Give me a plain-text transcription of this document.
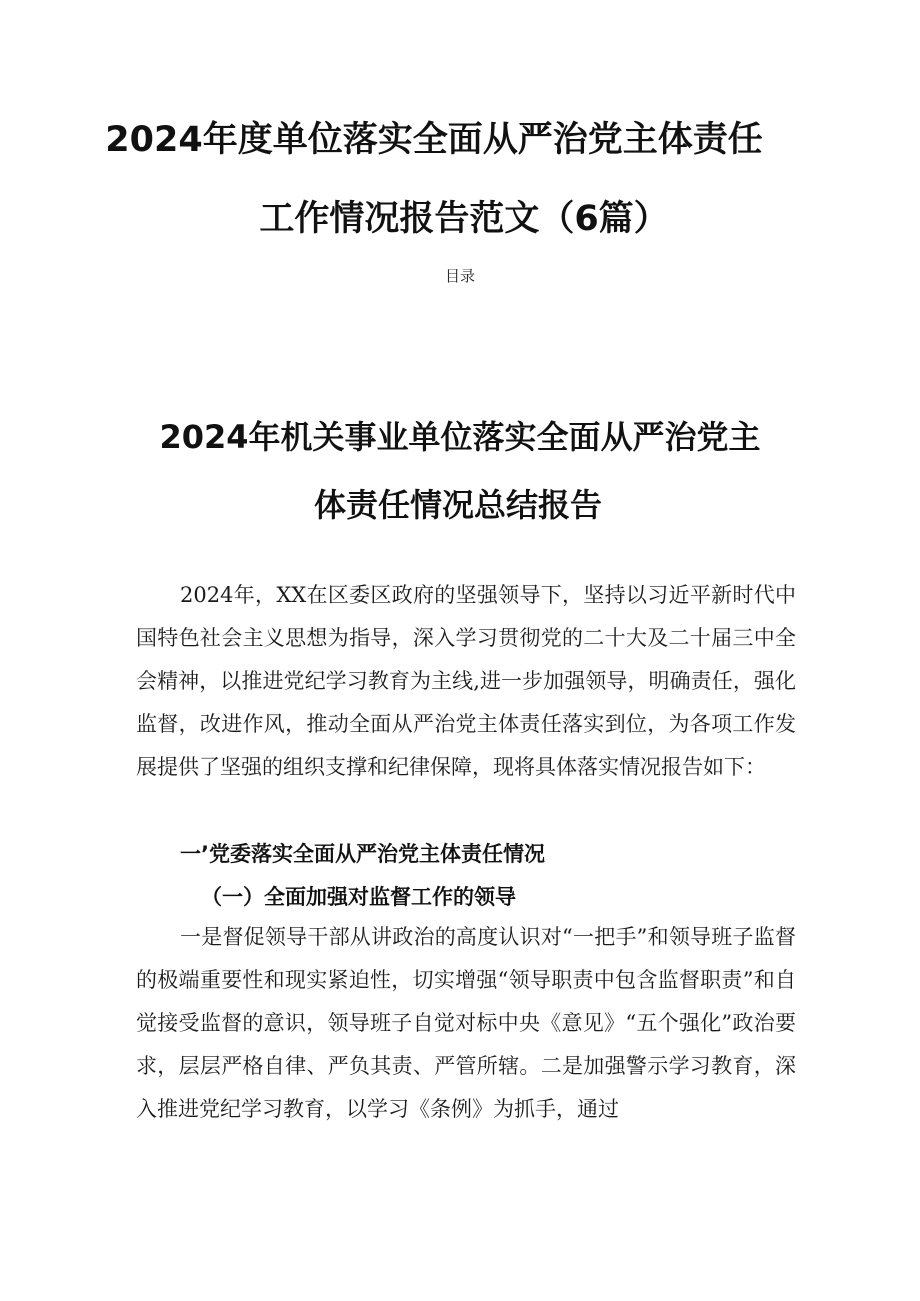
2024年度单位落实全面从严治党主体责任
工作情况报告范文（6篇）
目录
2024年机关事业单位落实全面从严治党主
体责任情况总结报告

2024年，XX在区委区政府的坚强领导下，坚持以习近平新时代中国特色社会主义思想为指导，深入学习贯彻党的二十大及二十届三中全会精神，以推进党纪学习教育为主线,进一步加强领导，明确责任，强化监督，改进作风，推动全面从严治党主体责任落实到位，为各项工作发展提供了坚强的组织支撑和纪律保障，现将具体落实情况报告如下：

一’党委落实全面从严治党主体责任情况
（一）全面加强对监督工作的领导

一是督促领导干部从讲政治的高度认识对“一把手”和领导班子监督的极端重要性和现实紧迫性，切实增强“领导职责中包含监督职责”和自觉接受监督的意识，领导班子自觉对标中央《意见》“五个强化”政治要求，层层严格自律、严负其责、严管所辖。二是加强警示学习教育，深入推进党纪学习教育，以学习《条例》为抓手，通过
